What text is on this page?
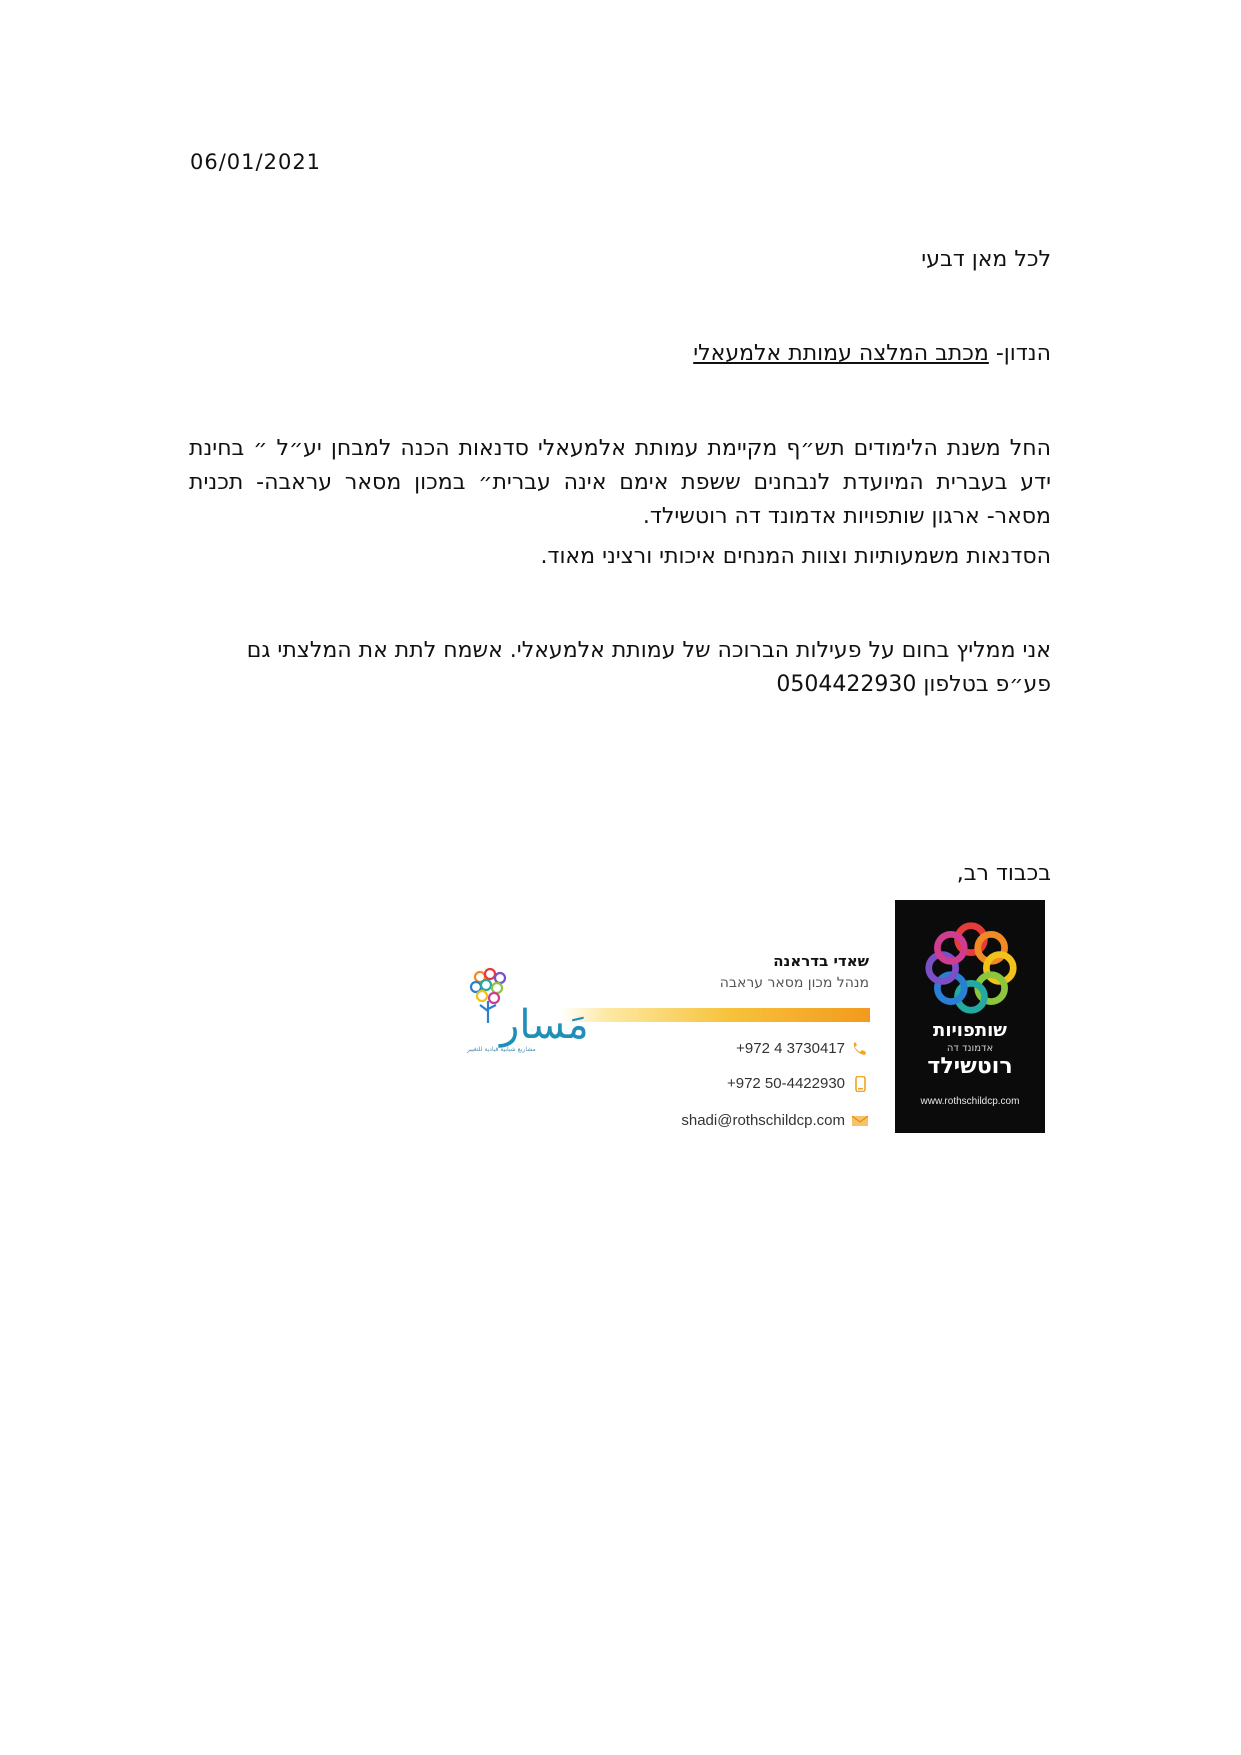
06/01/2021
לכל מאן דבעי
הנדון- מכתב המלצה עמותת אלמעאלי
החל משנת הלימודים תש״ף מקיימת עמותת אלמעאלי סדנאות הכנה למבחן יע״ל ״ בחינת ידע בעברית המיועדת לנבחנים ששפת אימם אינה עברית״ במכון מסאר עראבה- תכנית מסאר- ארגון שותפויות אדמונד דה רוטשילד.
הסדנאות משמעותיות וצוות המנחים איכותי ורציני מאוד.
אני ממליץ בחום על פעילות הברוכה של עמותת אלמעאלי. אשמח לתת את המלצתי גם פע״פ בטלפון 0504422930
בכבוד רב,
שותפויות
אדמונד דה
רוטשילד
www.rothschildcp.com
שאדי בדראנה
מנהל מכון מסאר עראבה
+972 4 3730417
+972 50-4422930
shadi@rothschildcp.com
مَسار
مشاريع شبابية قيادية للتغيير
